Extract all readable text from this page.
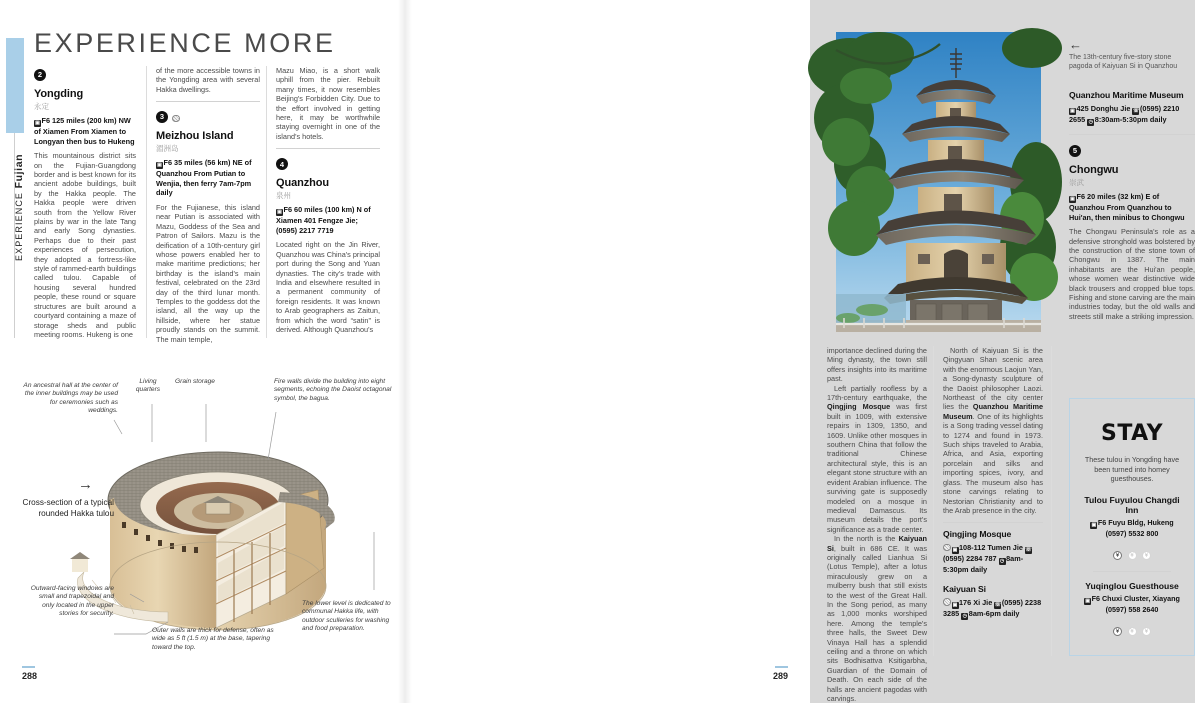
EXPERIENCE Fujian
EXPERIENCE MORE
2
Yongding
永定
▣ F6 125 miles (200 km) NW of Xiamen From Xiamen to Longyan then bus to Hukeng
This mountainous district sits on the Fujian-Guangdong border and is best known for its ancient adobe buildings, built by the Hakka people. The Hakka people were driven south from the Yellow River plains by war in the late Tang and early Song dynasties. Perhaps due to their past experiences of persecution, they adopted a fortress-like style of rammed-earth buildings called tulou. Capable of housing several hundred people, these round or square structures are built around a courtyard containing a maze of storage sheds and public meeting rooms. Hukeng is one
of the more accessible towns in the Yongding area with several Hakka dwellings.
3
Meizhou Island
湄洲岛
▣ F6 35 miles (56 km) NE of Quanzhou From Putian to Wenjia, then ferry 7am-7pm daily
For the Fujianese, this island near Putian is associated with Mazu, Goddess of the Sea and Patron of Sailors. Mazu is the deification of a 10th-century girl whose powers enabled her to make maritime predictions; her birthday is the island's main festival, celebrated on the 23rd day of the third lunar month. Temples to the goddess dot the island, all the way up the hillside, where her statue proudly stands on the summit. The main temple,
Mazu Miao, is a short walk uphill from the pier. Rebuilt many times, it now resembles Beijing's Forbidden City. Due to the effort involved in getting here, it may be worthwhile staying overnight in one of the island's hotels.
4
Quanzhou
泉州
▣ F6 60 miles (100 km) N of Xiamen 401 Fengze Jie; (0595) 2217 7719
Located right on the Jin River, Quanzhou was China's principal port during the Song and Yuan dynasties. The city's trade with India and elsewhere resulted in a permanent community of foreign residents. It was known to Arab geographers as Zaitun, from which the word “satin” is derived. Although Quanzhou's
An ancestral hall at the center of the inner buildings may be used for ceremonies such as weddings.
Living quarters
Grain storage	Fire walls divide the building into eight segments, echoing the Daoist octagonal symbol, the bagua.
Outward-facing windows are small and trapezoidal and only located in the upper stories for security.
Outer walls are thick for defense, often as wide as 5 ft (1.5 m) at the base, tapering toward the top.
The lower level is dedicated to communal Hakka life, with outdoor sculleries for washing and food preparation.
→
Cross-section of a typical rounded Hakka tulou
288
←
The 13th-century five-story stone pagoda of Kaiyuan Si in Quanzhou
Quanzhou Maritime Museum
▣ 425 Donghu Jie ☏(0595) 2210 2655 ◷ 8:30am-5:30pm daily
5
Chongwu
崇武
▣ F6 20 miles (32 km) E of Quanzhou From Quanzhou to Hui'an, then minibus to Chongwu
The Chongwu Peninsula's role as a defensive stronghold was bolstered by the construction of the stone town of Chongwu in 1387. The main inhabitants are the Hui'an people, whose women wear distinctive wide black trousers and cropped blue tops. Fishing and stone carving are the main industries today, but the old walls and streets still make a striking impression.
importance declined during the Ming dynasty, the town still offers insights into its maritime past.
Left partially roofless by a 17th-century earthquake, the Qingjing Mosque was first built in 1009, with extensive repairs in 1309, 1350, and 1609. Unlike other mosques in southern China that follow the traditional Chinese architectural style, this is an elegant stone structure with an evident Arabian influence. The surviving gate is supposedly modeled on a mosque in medieval Damascus. Its museum details the port's significance as a trade center.
In the north is the Kaiyuan Si, built in 686 CE. It was originally called Lianhua Si (Lotus Temple), after a lotus miraculously grew on a mulberry bush that still exists to the west of the Great Hall. In the Song period, as many as 1,000 monks worshiped here. Among the temple's three halls, the Sweet Dew Vinaya Hall has a splendid ceiling and a throne on which sits Bodhisattva Ksitigarbha, Guardian of the Domain of Death. On each side of the halls are ancient pagodas with carvings.
North of Kaiyuan Si is the Qingyuan Shan scenic area with the enormous Laojun Yan, a Song-dynasty sculpture of the Daoist philosopher Laozi. Northeast of the city center lies the Quanzhou Maritime Museum. One of its highlights is a Song trading vessel dating to 1274 and found in 1973. Such ships traveled to Arabia, Africa, and Asia, exporting porcelain and silks and importing spices, ivory, and glass. The museum also has stone carvings relating to Nestorian Christianity and to the Arab presence in the city.
Qingjing Mosque
▣ 108-112 Tumen Jie ☏(0595) 2284 787 ◷ 8am-5:30pm daily
Kaiyuan Si
▣ 176 Xi Jie ☏(0595) 2238 3285 ◷ 8am-6pm daily
STAY
These tulou in Yongding have been turned into homey guesthouses.
Tulou Fuyulou Changdi Inn
▣ F6 Fuyu Bldg, Hukeng (0597) 5532 800
¥ ¥ ¥
Yuqinglou Guesthouse
▣ F6 Chuxi Cluster, Xiayang (0597) 558 2640
¥ ¥ ¥
289
